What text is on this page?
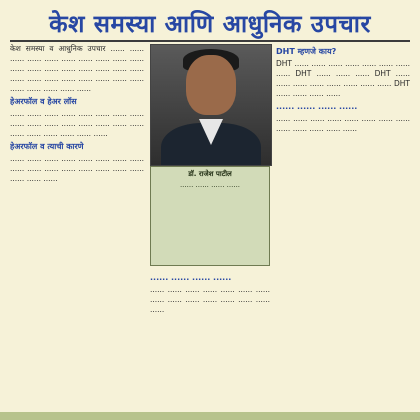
केश समस्या आणि आधुनिक उपचार

केश समस्या व आधुनिक उपचार ...... ...... ...... ...... ...... ...... ...... ...... ...... ...... ...... ...... ...... ...... ...... ...... ...... ...... ...... ...... ...... ...... ...... ...... ...... ...... ...... ...... ...... ...... ......

हेअरफॉल व हेअर लॉस

...... ...... ...... ...... ...... ...... ...... ...... ...... ...... ...... ...... ...... ...... ...... ...... ...... ...... ...... ...... ...... ......

हेअरफॉल व त्याची कारणे

...... ...... ...... ...... ...... ...... ...... ...... ...... ...... ...... ...... ...... ...... ...... ...... ...... ...... ......	डॉ. राजेश पाटील
...... ...... ...... ......
...... ...... ...... ......

...... ...... ...... ...... ...... ...... ...... ...... ...... ...... ...... ...... ...... ...... ......

DHT म्हणजे काय?

DHT ...... ...... ...... ...... ...... ...... ...... ...... DHT ...... ...... ...... DHT ...... ...... ...... ...... ...... ...... ...... ...... DHT ...... ...... ...... ......

...... ...... ...... ......

...... ...... ...... ...... ...... ...... ...... ...... ...... ...... ...... ...... ......
